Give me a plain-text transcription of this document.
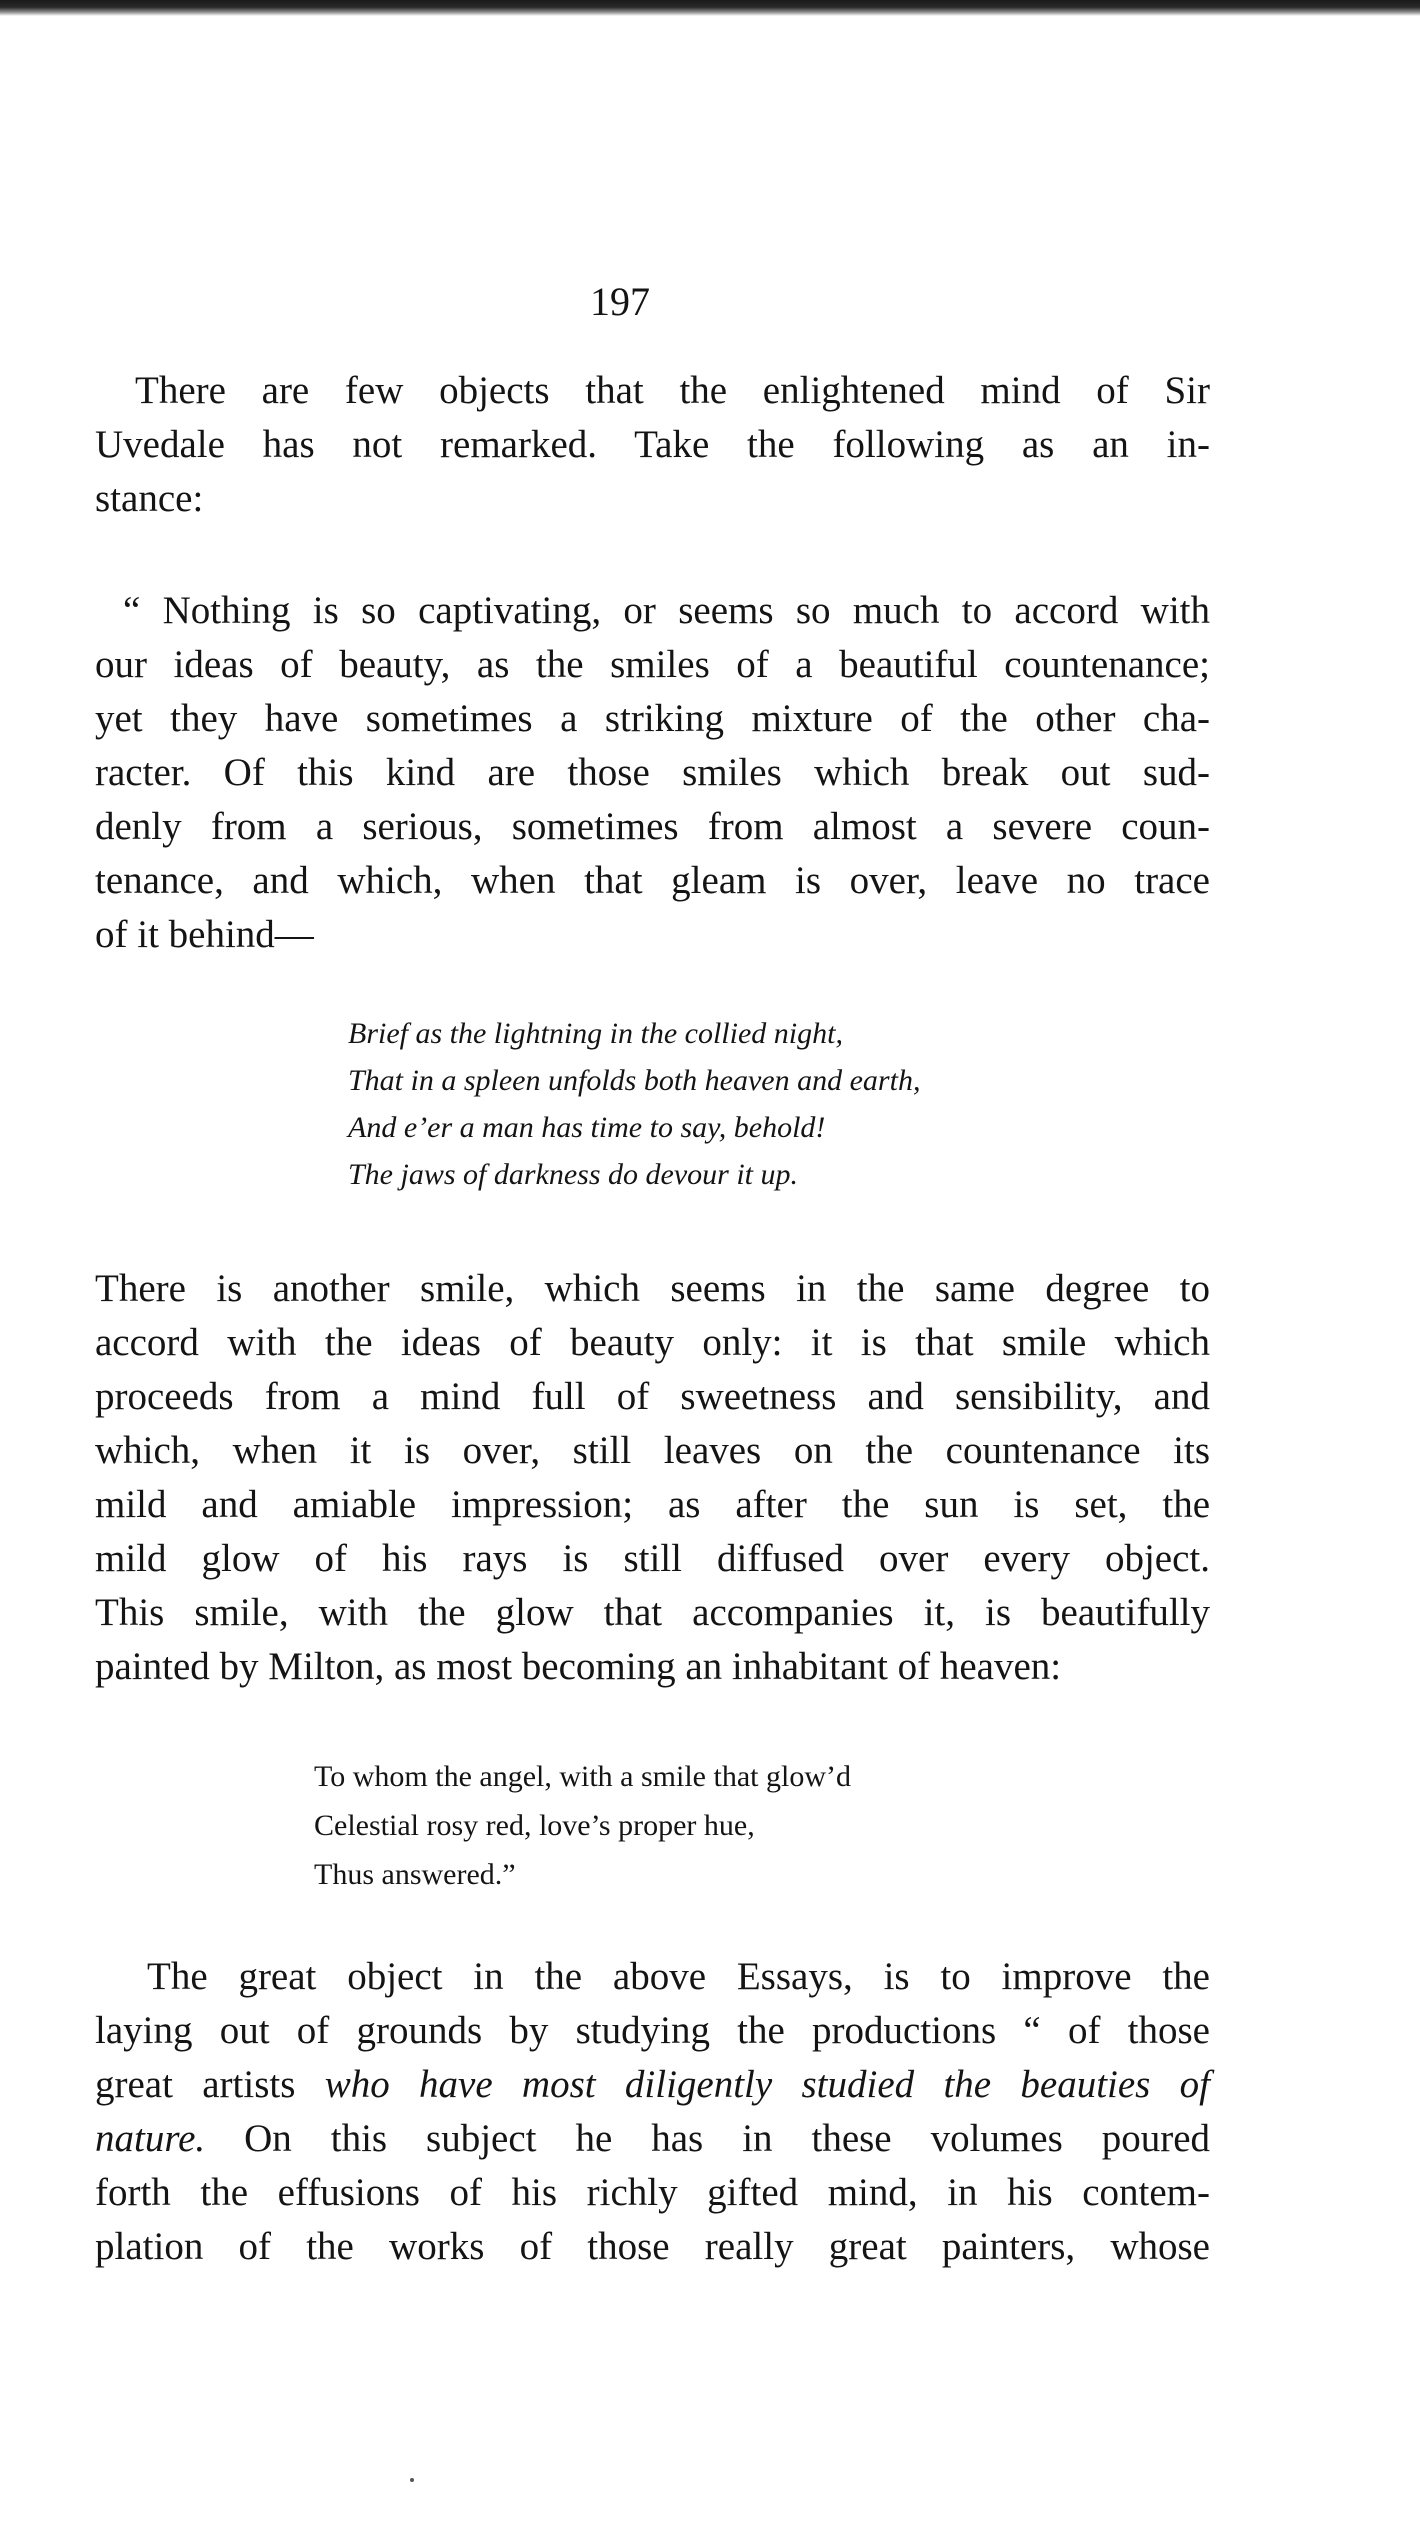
197
There are few objects that the enlightened mind of Sir
Uvedale has not remarked. Take the following as an in-
stance:
“ Nothing is so captivating, or seems so much to accord with
our ideas of beauty, as the smiles of a beautiful countenance;
yet they have sometimes a striking mixture of the other cha-
racter. Of this kind are those smiles which break out sud-
denly from a serious, sometimes from almost a severe coun-
tenance, and which, when that gleam is over, leave no trace
of it behind—
Brief as the lightning in the collied night,
That in a spleen unfolds both heaven and earth,
And e’er a man has time to say, behold!
The jaws of darkness do devour it up.
There is another smile, which seems in the same degree to
accord with the ideas of beauty only: it is that smile which
proceeds from a mind full of sweetness and sensibility, and
which, when it is over, still leaves on the countenance its
mild and amiable impression; as after the sun is set, the
mild glow of his rays is still diffused over every object.
This smile, with the glow that accompanies it, is beautifully
painted by Milton, as most becoming an inhabitant of heaven:
To whom the angel, with a smile that glow’d
Celestial rosy red, love’s proper hue,
Thus answered.”
The great object in the above Essays, is to improve the
laying out of grounds by studying the productions “ of those
great artists who have most diligently studied the beauties of
nature. On this subject he has in these volumes poured
forth the effusions of his richly gifted mind, in his contem-
plation of the works of those really great painters, whose
